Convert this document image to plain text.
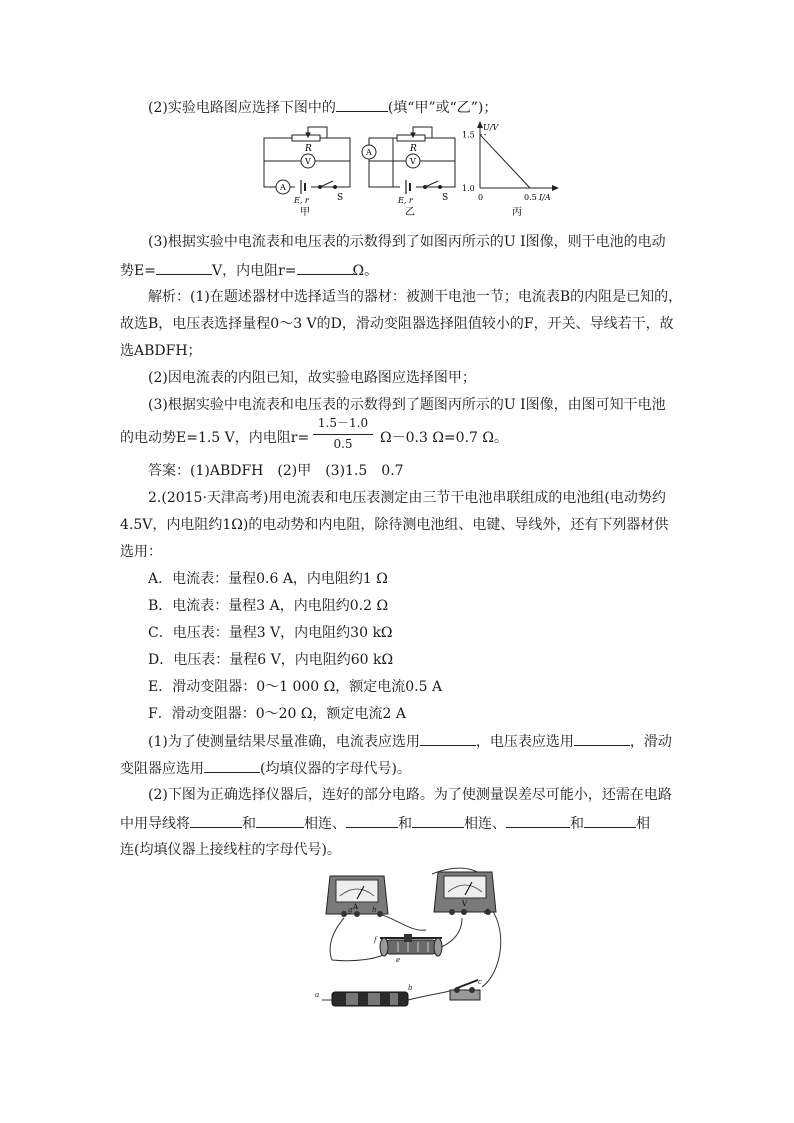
(2)实验电路图应选择下图中的	(填“甲”或“乙”)；
R
V
A
E, r	S
甲
R
A
V
E, r	S
乙
U/V
I/A
1.5
1.0
0	0.5
丙
(3)根据实验中电流表和电压表的示数得到了如图丙所示的U I图像，则干电池的电动
势E=	V，内电阻r=	Ω。
解析：(1)在题述器材中选择适当的器材：被测干电池一节；电流表B的内阻是已知的，
故选B，电压表选择量程0～3 V的D，滑动变阻器选择阻值较小的F，开关、导线若干，故
选ABDFH；
(2)因电流表的内阻已知，故实验电路图应选择图甲；
(3)根据实验中电流表和电压表的示数得到了题图丙所示的U I图像，由图可知干电池
的电动势E=1.5 V，内电阻r=
1.5－1.0
0.5	Ω－0.3 Ω=0.7 Ω。
答案：(1)ABDFH　(2)甲　(3)1.5　0.7
2.(2015·天津高考)用电流表和电压表测定由三节干电池串联组成的电池组(电动势约
4.5V，内电阻约1Ω)的电动势和内电阻，除待测电池组、电键、导线外，还有下列器材供
选用：
A．电流表：量程0.6 A，内电阻约1 Ω
B．电流表：量程3 A，内电阻约0.2 Ω
C．电压表：量程3 V，内电阻约30 kΩ
D．电压表：量程6 V，内电阻约60 kΩ
E．滑动变阻器：0～1 000 Ω，额定电流0.5 A
F．滑动变阻器：0～20 Ω，额定电流2 A
(1)为了使测量结果尽量准确，电流表应选用	，电压表应选用	，滑动
变阻器应选用	(均填仪器的字母代号)。
(2)下图为正确选择仪器后，连好的部分电路。为了使测量误差尽可能小，还需在电路
中用导线将	和	相连、	和	相连、	和	相
连(均填仪器上接线柱的字母代号)。
A	V
a
b
c
d
e
f
g	h
